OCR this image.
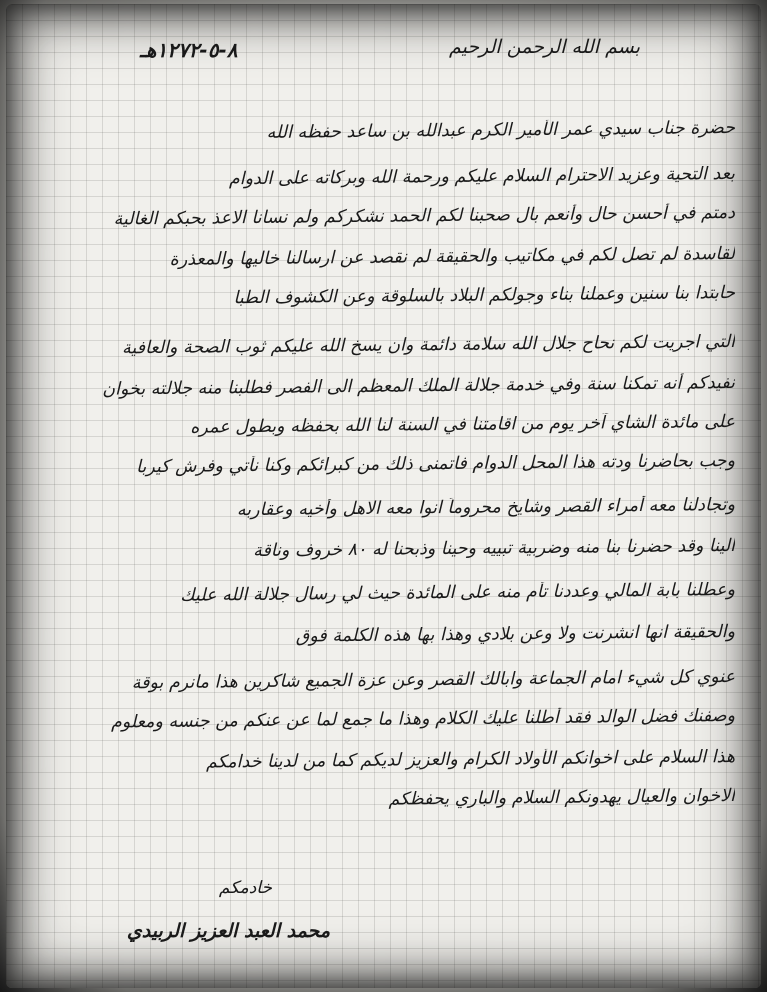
٨-٥-١٢٧٢هـ	بسم الله الرحمن الرحيم
حضرة جناب سيدي عمر الأمير الكرم عبدالله بن ساعد حفظه الله
بعد التحية وعزيد الاحترام السلام عليكم ورحمة الله وبركاته على الدوام
دمتم في أحسن حال وأنعم بال صحبنا لكم الحمد نشكركم ولم نسانا الاعذ بحبكم الغالية
لقاسدة لم تصل لكم في مكاتيب والحقيقة لم نقصد عن ارسالنا خاليها والمعذرة
حابتدا بنا سنين وعملنا بناء وجولكم البلاد بالسلوقة وعن الكشوف الطبا
التي اجريت لكم نحاح جلال الله سلامة دائمة وان يسخ الله عليكم ثوب الصحة والعافية
نفيدكم أنه تمكنا سنة وفي خدمة جلالة الملك المعظم الى الفصر فطلبنا منه جلالته بخوان
على مائدة الشاي آخر يوم من اقامتنا في السنة لنا الله بحفظه وبطول عمره
وجب بحاضرنا ودته هذا المحل الدوام فاتمنى ذلك من كبرائكم وكنا نأتي وفرش كيربا
وتجادلنا معه أمراء القصر وشايخ محروماً انوا معه الاهل وأخيه وعقاربه
الينا وقد حضرنا بنا منه وضربية تبييه وحينا وذبحنا له ٨٠ خروف وناقة
وعطلنا بابة المالي وعددنا تأم منه على المائدة حيث لي رسال جلالة الله عليك
والحقيقة انها انشرنت ولا وعن بلادي وهذا بها هذه الكلمة فوق
عنوي كل شيء امام الجماعة وابالك القصر وعن عزة الجميع شاكرين هذا مانرم بوقة
وصفنك فضل الوالد فقد أطلنا عليك الكلام وهذا ما جمع لما عن عنكم من جنسه ومعلوم
هذا السلام على اخوانكم الأولاد الكرام والعزيز لديكم كما من لدينا خدامكم
الاخوان والعيال يهدونكم السلام والباري يحفظكم
خادمكم
محمد العبد العزيز الربيدي
